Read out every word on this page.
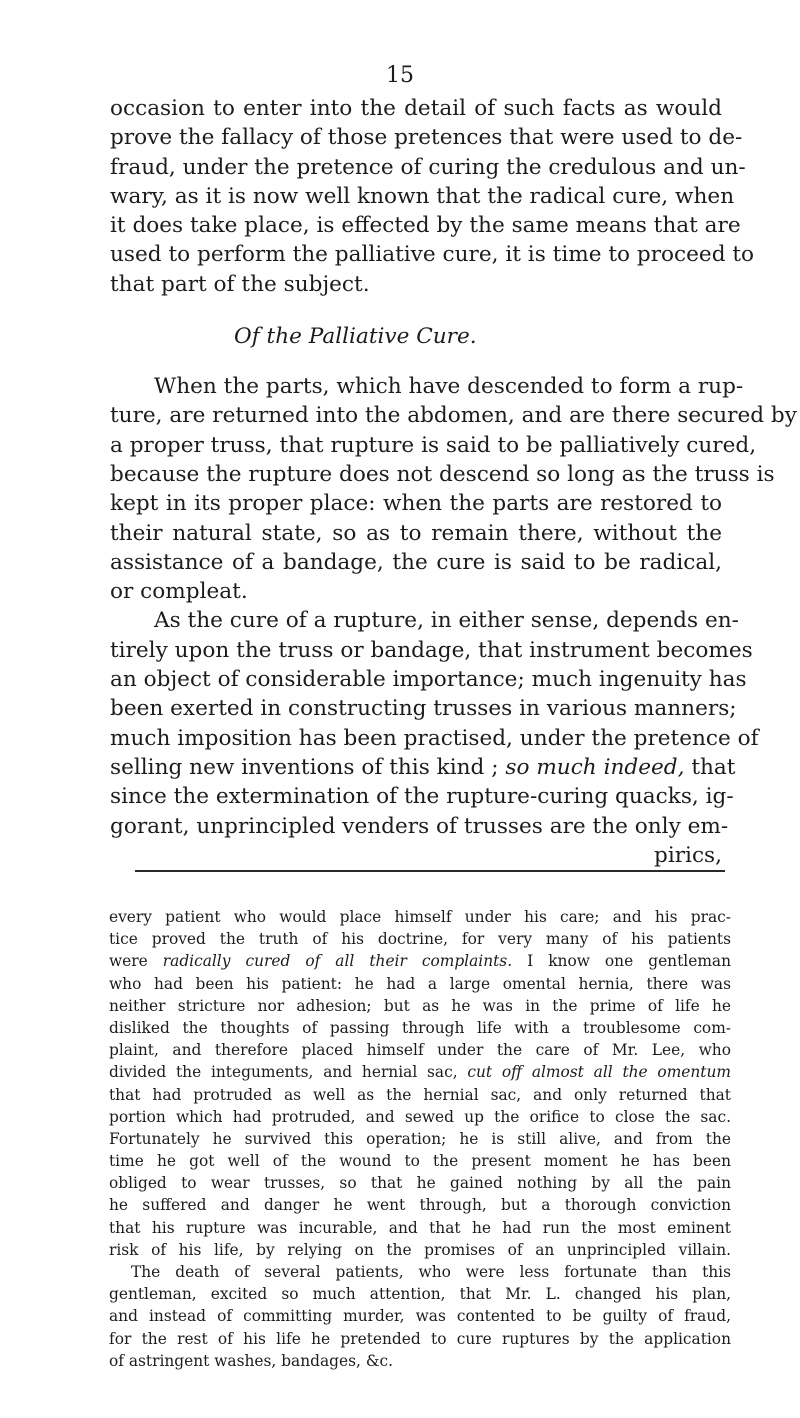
15
occasion to enter into the detail of such facts as would
prove the fallacy of those pretences that were used to de-
fraud, under the pretence of curing the credulous and un-
wary, as it is now well known that the radical cure, when
it does take place, is effected by the same means that are
used to perform the palliative cure, it is time to proceed to
that part of the subject.
Of the Palliative Cure.
When the parts, which have descended to form a rup-
ture, are returned into the abdomen, and are there secured by
a proper truss, that rupture is said to be palliatively cured,
because the rupture does not descend so long as the truss is
kept in its proper place: when the parts are restored to
their natural state, so as to remain there, without the
assistance of a bandage, the cure is said to be radical,
or compleat.
As the cure of a rupture, in either sense, depends en-
tirely upon the truss or bandage, that instrument becomes
an object of considerable importance; much ingenuity has
been exerted in constructing trusses in various manners;
much imposition has been practised, under the pretence of
selling new inventions of this kind ; so much indeed, that
since the extermination of the rupture-curing quacks, ig-
gorant, unprincipled venders of trusses are the only em-
pirics,
every patient who would place himself under his care; and his prac-
tice proved the truth of his doctrine, for very many of his patients
were radically cured of all their complaints. I know one gentleman
who had been his patient: he had a large omental hernia, there was
neither stricture nor adhesion; but as he was in the prime of life he
disliked the thoughts of passing through life with a troublesome com-
plaint, and therefore placed himself under the care of Mr. Lee, who
divided the integuments, and hernial sac, cut off almost all the omentum
that had protruded as well as the hernial sac, and only returned that
portion which had protruded, and sewed up the orifice to close the sac.
Fortunately he survived this operation; he is still alive, and from the
time he got well of the wound to the present moment he has been
obliged to wear trusses, so that he gained nothing by all the pain
he suffered and danger he went through, but a thorough conviction
that his rupture was incurable, and that he had run the most eminent
risk of his life, by relying on the promises of an unprincipled villain.
The death of several patients, who were less fortunate than this
gentleman, excited so much attention, that Mr. L. changed his plan,
and instead of committing murder, was contented to be guilty of fraud,
for the rest of his life he pretended to cure ruptures by the application
of astringent washes, bandages, &c.
